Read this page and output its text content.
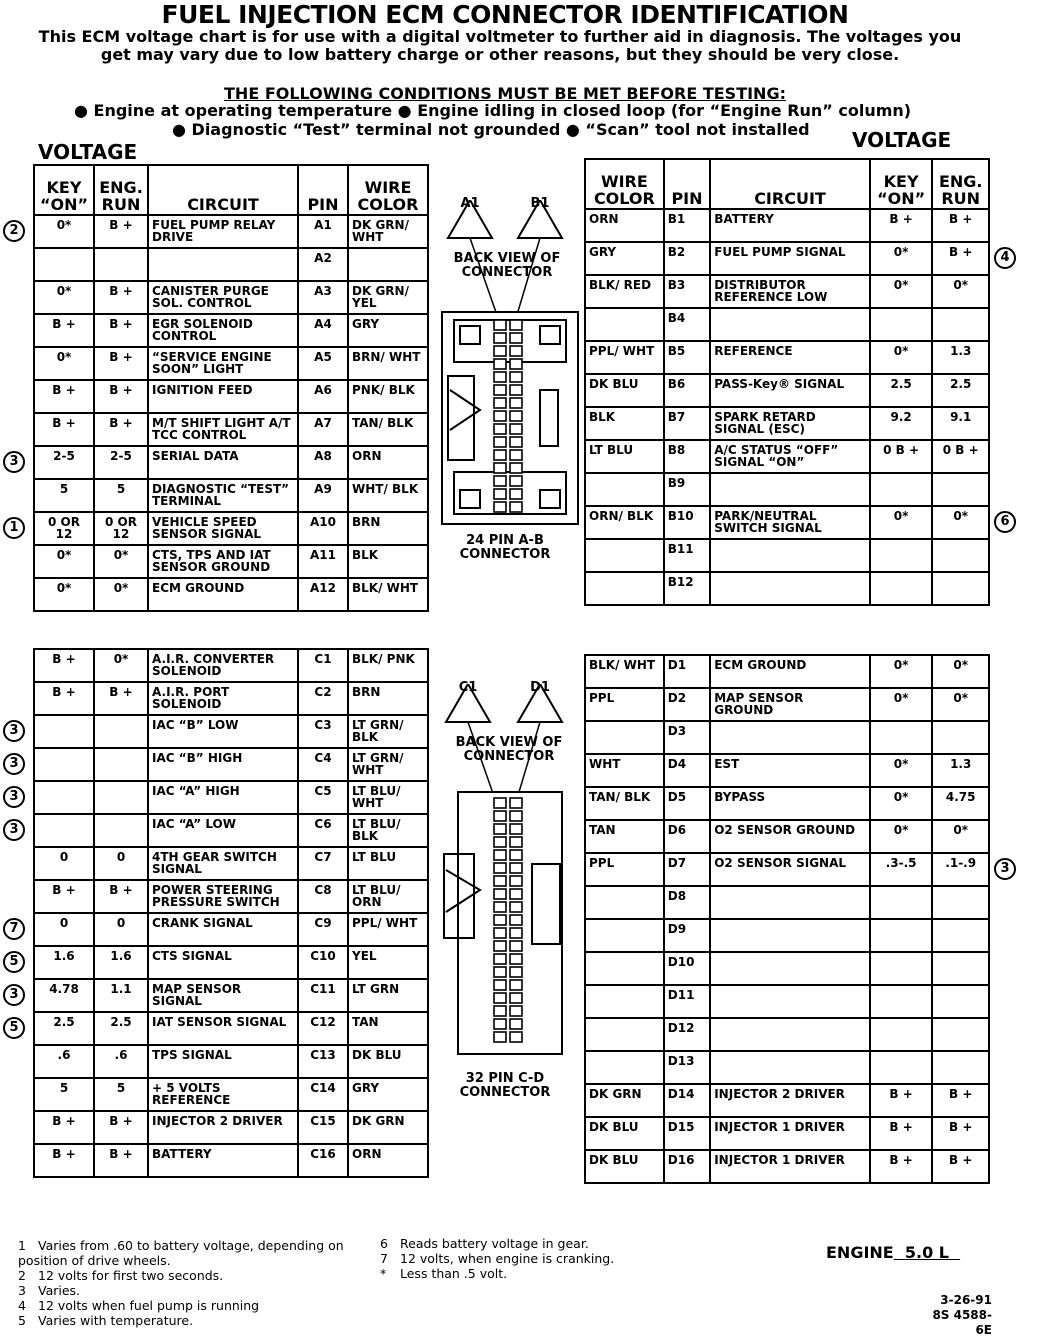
FUEL INJECTION ECM CONNECTOR IDENTIFICATION
This ECM voltage chart is for use with a digital voltmeter to further aid in diagnosis. The voltages you
get may vary due to low battery charge or other reasons, but they should be very close.
THE FOLLOWING CONDITIONS MUST BE MET BEFORE TESTING:
● Engine at operating temperature ● Engine idling in closed loop (for “Engine Run” column)
● Diagnostic “Test” terminal not grounded ● “Scan” tool not installed
VOLTAGE	VOLTAGE
KEY “ON”	ENG. RUN	CIRCUIT	PIN	WIRE COLOR
0*	B +	FUEL PUMP RELAY DRIVE	A1	DK GRN/ WHT
			A2	
0*	B +	CANISTER PURGE SOL. CONTROL	A3	DK GRN/ YEL
B +	B +	EGR SOLENOID CONTROL	A4	GRY
0*	B +	“SERVICE ENGINE SOON” LIGHT	A5	BRN/ WHT
B +	B +	IGNITION FEED	A6	PNK/ BLK
B +	B +	M/T SHIFT LIGHT A/T TCC CONTROL	A7	TAN/ BLK
2-5	2-5	SERIAL DATA	A8	ORN
5	5	DIAGNOSTIC “TEST” TERMINAL	A9	WHT/ BLK
0 OR 12	0 OR 12	VEHICLE SPEED SENSOR SIGNAL	A10	BRN
0*	0*	CTS, TPS AND IAT SENSOR GROUND	A11	BLK
0*	0*	ECM GROUND	A12	BLK/ WHT
B +	0*	A.I.R. CONVERTER SOLENOID	C1	BLK/ PNK
B +	B +	A.I.R. PORT SOLENOID	C2	BRN
		IAC “B” LOW	C3	LT GRN/ BLK
		IAC “B” HIGH	C4	LT GRN/ WHT
		IAC “A” HIGH	C5	LT BLU/ WHT
		IAC “A” LOW	C6	LT BLU/ BLK
0	0	4TH GEAR SWITCH SIGNAL	C7	LT BLU
B +	B +	POWER STEERING PRESSURE SWITCH	C8	LT BLU/ ORN
0	0	CRANK SIGNAL	C9	PPL/ WHT
1.6	1.6	CTS SIGNAL	C10	YEL
4.78	1.1	MAP SENSOR SIGNAL	C11	LT GRN
2.5	2.5	IAT SENSOR SIGNAL	C12	TAN
.6	.6	TPS SIGNAL	C13	DK BLU
5	5	+ 5 VOLTS REFERENCE	C14	GRY
B +	B +	INJECTOR 2 DRIVER	C15	DK GRN
B +	B +	BATTERY	C16	ORN
WIRE COLOR	PIN	CIRCUIT	KEY “ON”	ENG. RUN
ORN	B1	BATTERY	B +	B +
GRY	B2	FUEL PUMP SIGNAL	0*	B +
BLK/ RED	B3	DISTRIBUTOR REFERENCE LOW	0*	0*
	B4			
PPL/ WHT	B5	REFERENCE	0*	1.3
DK BLU	B6	PASS-Key® SIGNAL	2.5	2.5
BLK	B7	SPARK RETARD SIGNAL (ESC)	9.2	9.1
LT BLU	B8	A/C STATUS “OFF” SIGNAL “ON”	0 B +	0 B +
	B9			
ORN/ BLK	B10	PARK/NEUTRAL SWITCH SIGNAL	0*	0*
	B11			
	B12			
BLK/ WHT	D1	ECM GROUND	0*	0*
PPL	D2	MAP SENSOR GROUND	0*	0*
	D3			
WHT	D4	EST	0*	1.3
TAN/ BLK	D5	BYPASS	0*	4.75
TAN	D6	O2 SENSOR GROUND	0*	0*
PPL	D7	O2 SENSOR SIGNAL	.3-.5	.1-.9
	D8			
	D9			
	D10			
	D11			
	D12			
	D13			
DK GRN	D14	INJECTOR 2 DRIVER	B +	B +
DK BLU	D15	INJECTOR 1 DRIVER	B +	B +
DK BLU	D16	INJECTOR 1 DRIVER	B +	B +
A1	B1
BACK VIEW OF CONNECTOR
24 PIN A-B
CONNECTOR
C1	D1
BACK VIEW OF CONNECTOR
32 PIN C-D
CONNECTOR
1 Varies from .60 to battery voltage, depending on position of drive wheels.
2 12 volts for first two seconds.
3 Varies.
4 12 volts when fuel pump is running
5 Varies with temperature.
6 Reads battery voltage in gear.
7 12 volts, when engine is cranking.
* Less than .5 volt.
ENGINE 5.0 L
3-26-91
8S 4588-6E
2
3
1
3
3
3
3
7
5
3
5
4
6
3
